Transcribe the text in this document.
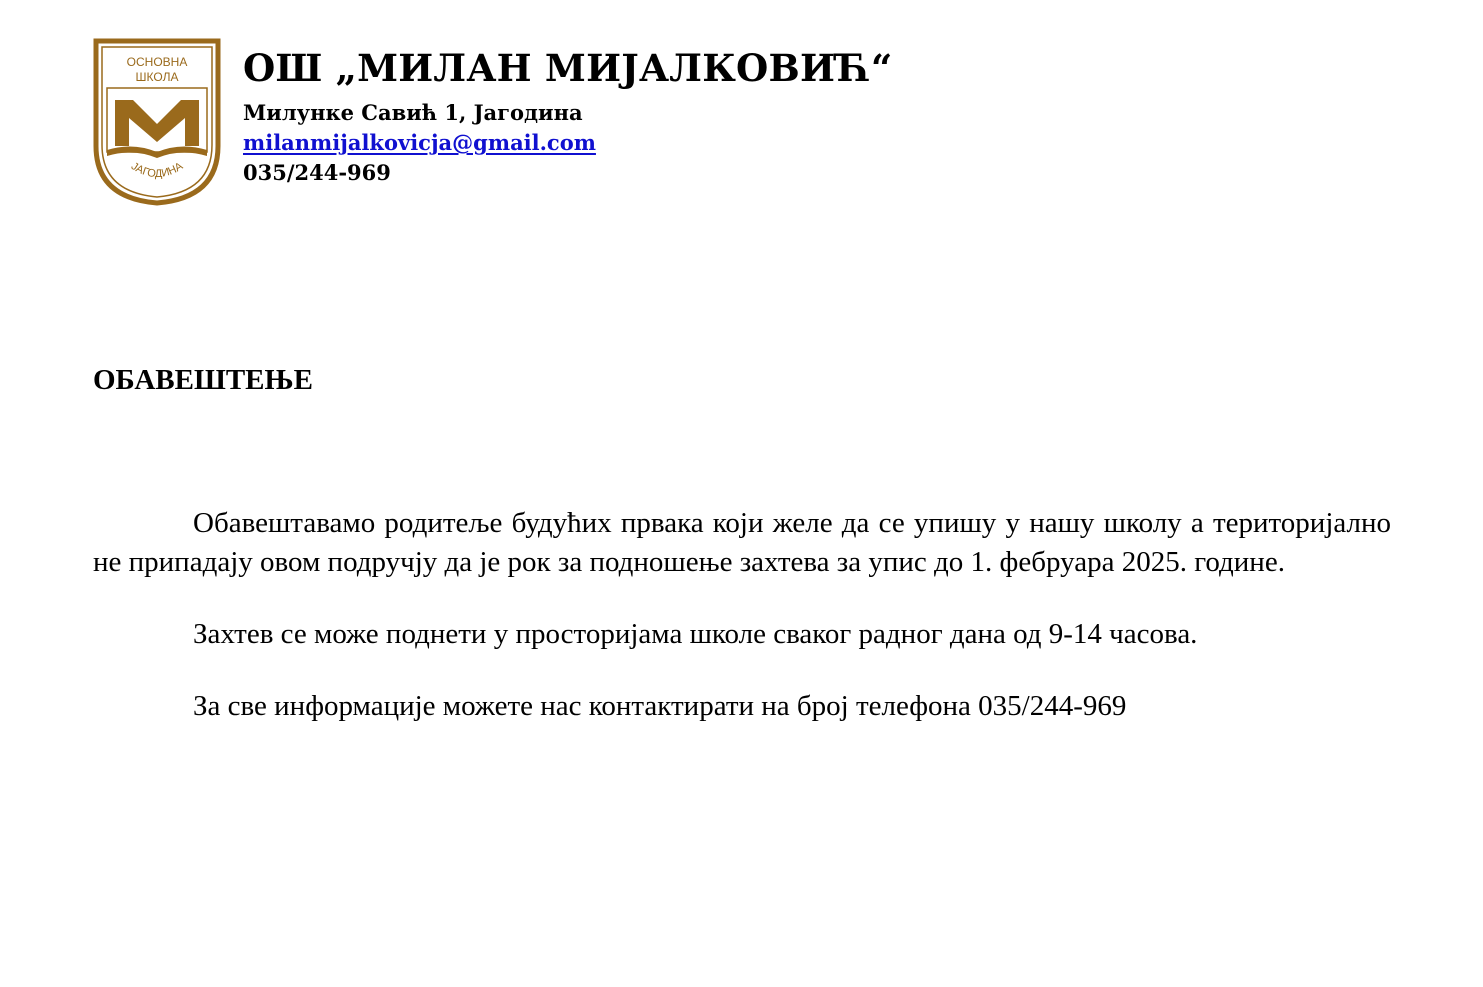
ОСНОВНА
ШКОЛА
ЈАГОДИНА
ОШ „МИЛАН МИЈАЛКОВИЋ“
Милунке Савић 1, Јагодина
milanmijalkovicja@gmail.com
035/244-969
ОБАВЕШТЕЊЕ

Обавештавамо родитеље будућих првака који желе да се упишу у нашу школу а територијално не припадају овом подручју да је рок за подношење захтева за упис до 1. фебруара 2025. године.

Захтев се може поднети у просторијама школе сваког радног дана од 9-14 часова.

За све информације можете нас контактирати на број телефона 035/244-969
